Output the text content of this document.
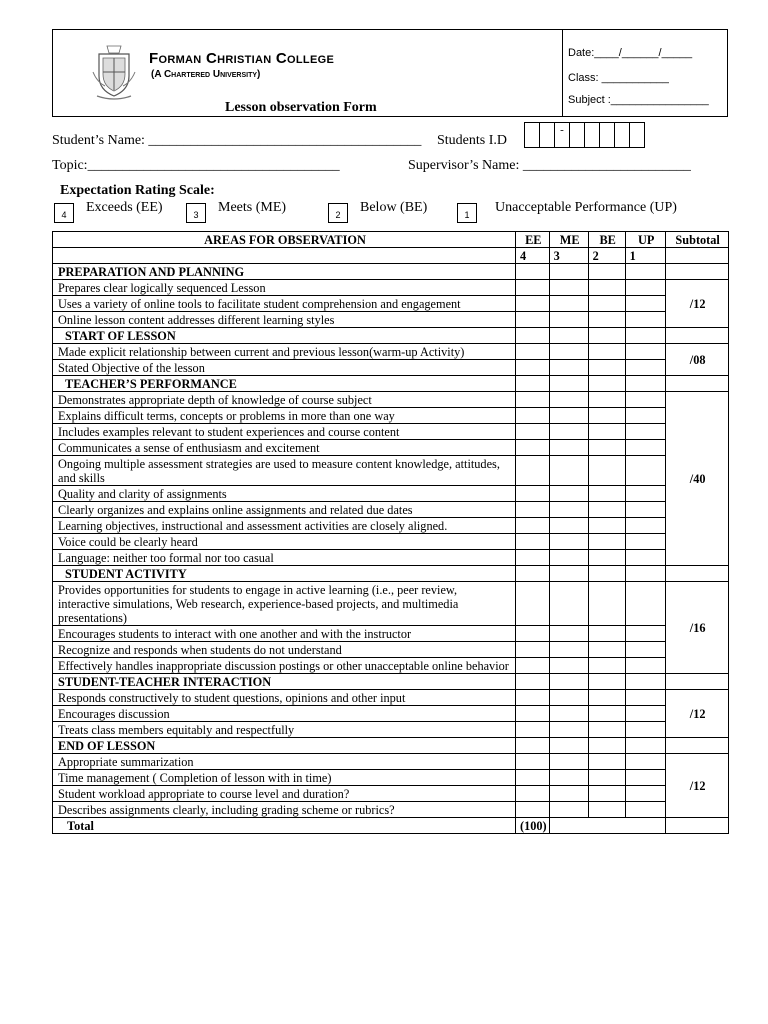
Forman Christian College
(A Chartered University)
Lesson observation Form
Date:____/______/_____
Class: ___________
Subject :________________
Student’s Name: _______________________________________ Students I.D
-
Topic:____________________________________	Supervisor’s Name: ________________________
Expectation Rating Scale:
4	Exceeds (EE)	3	Meets (ME)	2	Below (BE)	1	Unacceptable Performance (UP)
AREAS FOR OBSERVATION	EE	ME	BE	UP	Subtotal
	4	3	2	1	
PREPARATION AND PLANNING					
Prepares clear logically sequenced Lesson					/12
Uses a variety of online tools to facilitate student comprehension and engagement					
Online lesson content addresses different learning styles					
START OF LESSON					
Made explicit relationship between current and previous lesson(warm-up Activity)					/08
Stated Objective of the lesson					
TEACHER’S PERFORMANCE					
Demonstrates appropriate depth of knowledge of course subject					/40
Explains difficult terms, concepts or problems in more than one way					
Includes examples relevant to student experiences and course content					
Communicates a sense of enthusiasm and excitement					
Ongoing multiple assessment strategies are used to measure content knowledge, attitudes, and skills					
Quality and clarity of assignments					
Clearly organizes and explains online assignments and related due dates					
Learning objectives, instructional and assessment activities are closely aligned.					
Voice could be clearly heard					
Language: neither too formal nor too casual					
STUDENT ACTIVITY					
Provides opportunities for students to engage in active learning (i.e., peer review, interactive simulations, Web research, experience-based projects, and multimedia presentations)					/16
Encourages students to interact with one another and with the instructor					
Recognize and responds when students do not understand					
Effectively handles inappropriate discussion postings or other unacceptable online behavior					
STUDENT-TEACHER INTERACTION					
Responds constructively to student questions, opinions and other input					/12
Encourages discussion					
Treats class members equitably and respectfully					
END OF LESSON					
Appropriate summarization					/12
Time management ( Completion of lesson with in time)					
Student workload appropriate to course level and duration?					
Describes assignments clearly, including grading scheme or rubrics?					
Total	(100)				
